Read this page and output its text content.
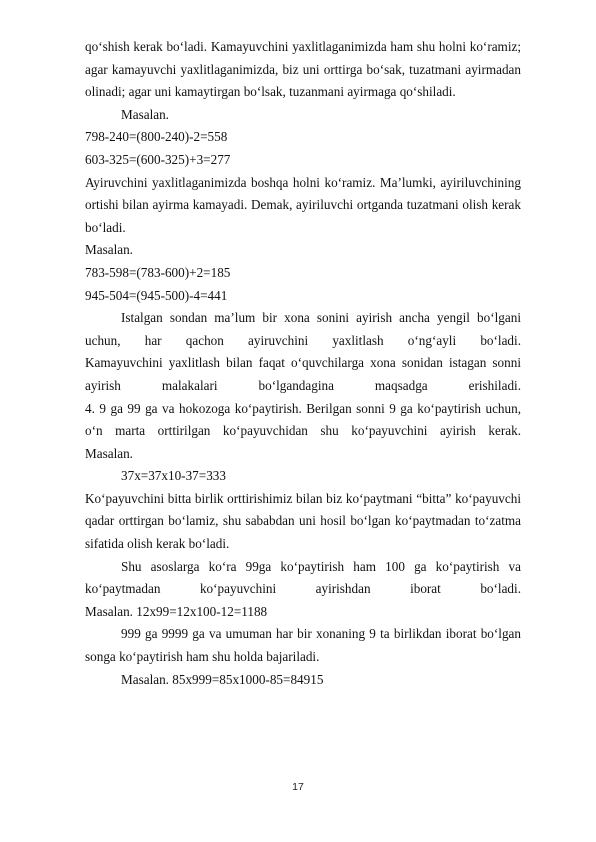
qo‘shish kerak bo‘ladi. Kamayuvchini yaxlitlaganimizda ham shu holni ko‘ramiz; agar kamayuvchi yaxlitlaganimizda, biz uni orttirga bo‘sak, tuzatmani ayirmadan olinadi; agar uni kamaytirgan bo‘lsak, tuzanmani ayirmaga qo‘shiladi.

Masalan.

798-240=(800-240)-2=558

603-325=(600-325)+3=277

Ayiruvchini yaxlitlaganimizda boshqa holni ko‘ramiz. Ma’lumki, ayiriluvchining ortishi bilan ayirma kamayadi. Demak, ayiriluvchi ortganda tuzatmani olish kerak bo‘ladi.

Masalan.

783-598=(783-600)+2=185

945-504=(945-500)-4=441

Istalgan sondan ma’lum bir xona sonini ayirish ancha yengil bo‘lgani uchun, har qachon ayiruvchini yaxlitlash o‘ng‘ayli bo‘ladi.

Kamayuvchini yaxlitlash bilan faqat o‘quvchilarga xona sonidan istagan sonni ayirish malakalari bo‘lgandagina maqsadga erishiladi.

4. 9 ga 99 ga va hokozoga ko‘paytirish. Berilgan sonni 9 ga ko‘paytirish uchun, o‘n marta orttirilgan ko‘payuvchidan shu ko‘payuvchini ayirish kerak.

Masalan.

37x=37x10-37=333

Ko‘payuvchini bitta birlik orttirishimiz bilan biz ko‘paytmani “bitta” ko‘payuvchi qadar orttirgan bo‘lamiz, shu sababdan uni hosil bo‘lgan ko‘paytmadan to‘zatma sifatida olish kerak bo‘ladi.

Shu asoslarga ko‘ra 99ga ko‘paytirish ham 100 ga ko‘paytirish va ko‘paytmadan ko‘payuvchini ayirishdan iborat bo‘ladi.

Masalan. 12x99=12x100-12=1188

999 ga 9999 ga va umuman har bir xonaning 9 ta birlikdan iborat bo‘lgan songa ko‘paytirish ham shu holda bajariladi.

Masalan. 85x999=85x1000-85=84915

17
